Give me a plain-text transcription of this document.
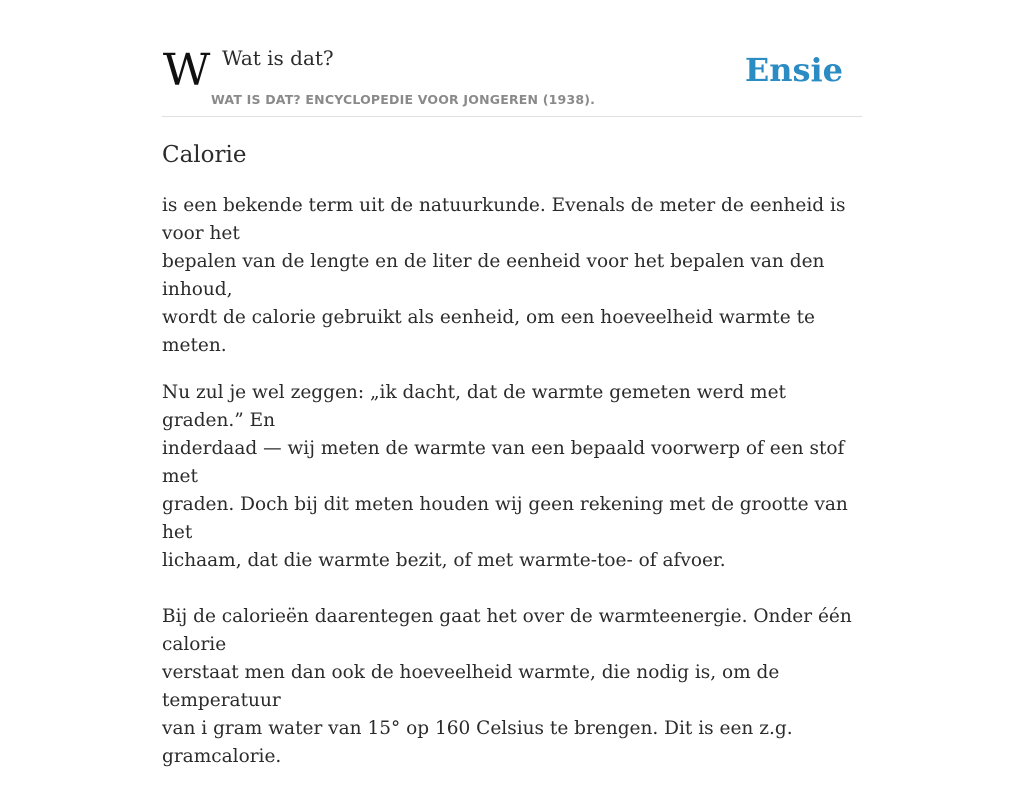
W Wat is dat?
WAT IS DAT? ENCYCLOPEDIE VOOR JONGEREN (1938).
Ensie
Calorie

is een bekende term uit de natuurkunde. Evenals de meter de eenheid is voor het
bepalen van de lengte en de liter de eenheid voor het bepalen van den inhoud,
wordt de calorie gebruikt als eenheid, om een hoeveelheid warmte te meten.

Nu zul je wel zeggen: „ik dacht, dat de warmte gemeten werd met graden.” En
inderdaad — wij meten de warmte van een bepaald voorwerp of een stof met
graden. Doch bij dit meten houden wij geen rekening met de grootte van het
lichaam, dat die warmte bezit, of met warmte-toe- of afvoer.

Bij de calorieën daarentegen gaat het over de warmteenergie. Onder één calorie
verstaat men dan ook de hoeveelheid warmte, die nodig is, om de temperatuur
van i gram water van 15° op 160 Celsius te brengen. Dit is een z.g. gramcalorie.
